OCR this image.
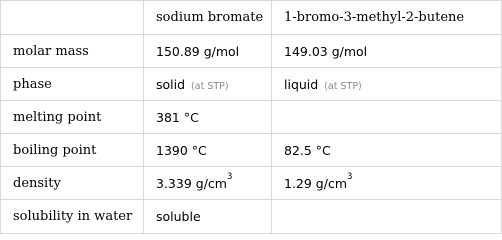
	sodium bromate	1-bromo-3-methyl-2-butene
molar mass	150.89 g/mol	149.03 g/mol
phase	solid (at STP)	liquid (at STP)
melting point	381 °C	
boiling point	1390 °C	82.5 °C
density	3.339 $g/cm^3$	1.29 $g/cm^3$
solubility in water	soluble	
